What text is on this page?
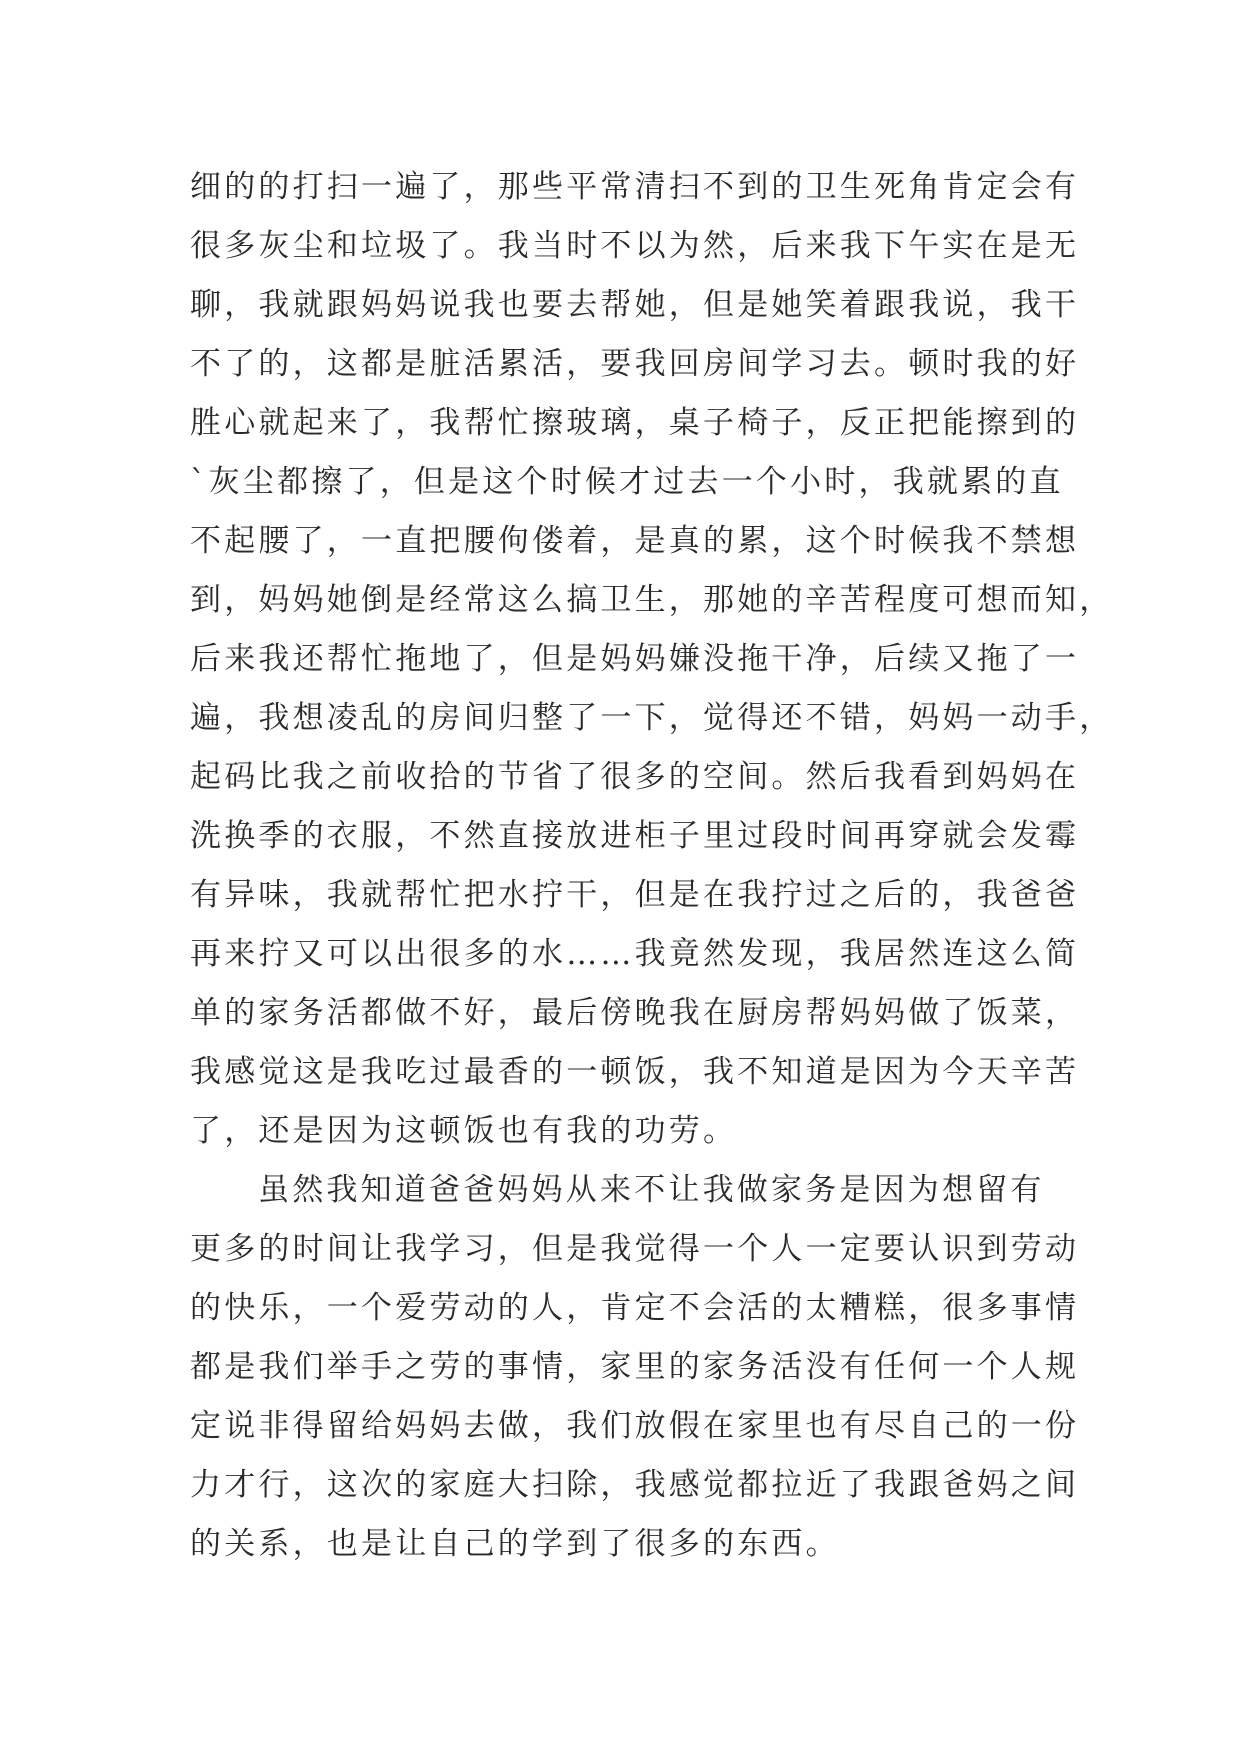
细的的打扫一遍了，那些平常清扫不到的卫生死角肯定会有
很多灰尘和垃圾了。我当时不以为然，后来我下午实在是无
聊，我就跟妈妈说我也要去帮她，但是她笑着跟我说，我干
不了的，这都是脏活累活，要我回房间学习去。顿时我的好
胜心就起来了，我帮忙擦玻璃，桌子椅子，反正把能擦到的
`灰尘都擦了，但是这个时候才过去一个小时，我就累的直
不起腰了，一直把腰佝偻着，是真的累，这个时候我不禁想
到，妈妈她倒是经常这么搞卫生，那她的辛苦程度可想而知，
后来我还帮忙拖地了，但是妈妈嫌没拖干净，后续又拖了一
遍，我想凌乱的房间归整了一下，觉得还不错，妈妈一动手，
起码比我之前收拾的节省了很多的空间。然后我看到妈妈在
洗换季的衣服，不然直接放进柜子里过段时间再穿就会发霉
有异味，我就帮忙把水拧干，但是在我拧过之后的，我爸爸
再来拧又可以出很多的水……我竟然发现，我居然连这么简
单的家务活都做不好，最后傍晚我在厨房帮妈妈做了饭菜，
我感觉这是我吃过最香的一顿饭，我不知道是因为今天辛苦
了，还是因为这顿饭也有我的功劳。
虽然我知道爸爸妈妈从来不让我做家务是因为想留有
更多的时间让我学习，但是我觉得一个人一定要认识到劳动
的快乐，一个爱劳动的人，肯定不会活的太糟糕，很多事情
都是我们举手之劳的事情，家里的家务活没有任何一个人规
定说非得留给妈妈去做，我们放假在家里也有尽自己的一份
力才行，这次的家庭大扫除，我感觉都拉近了我跟爸妈之间
的关系，也是让自己的学到了很多的东西。
